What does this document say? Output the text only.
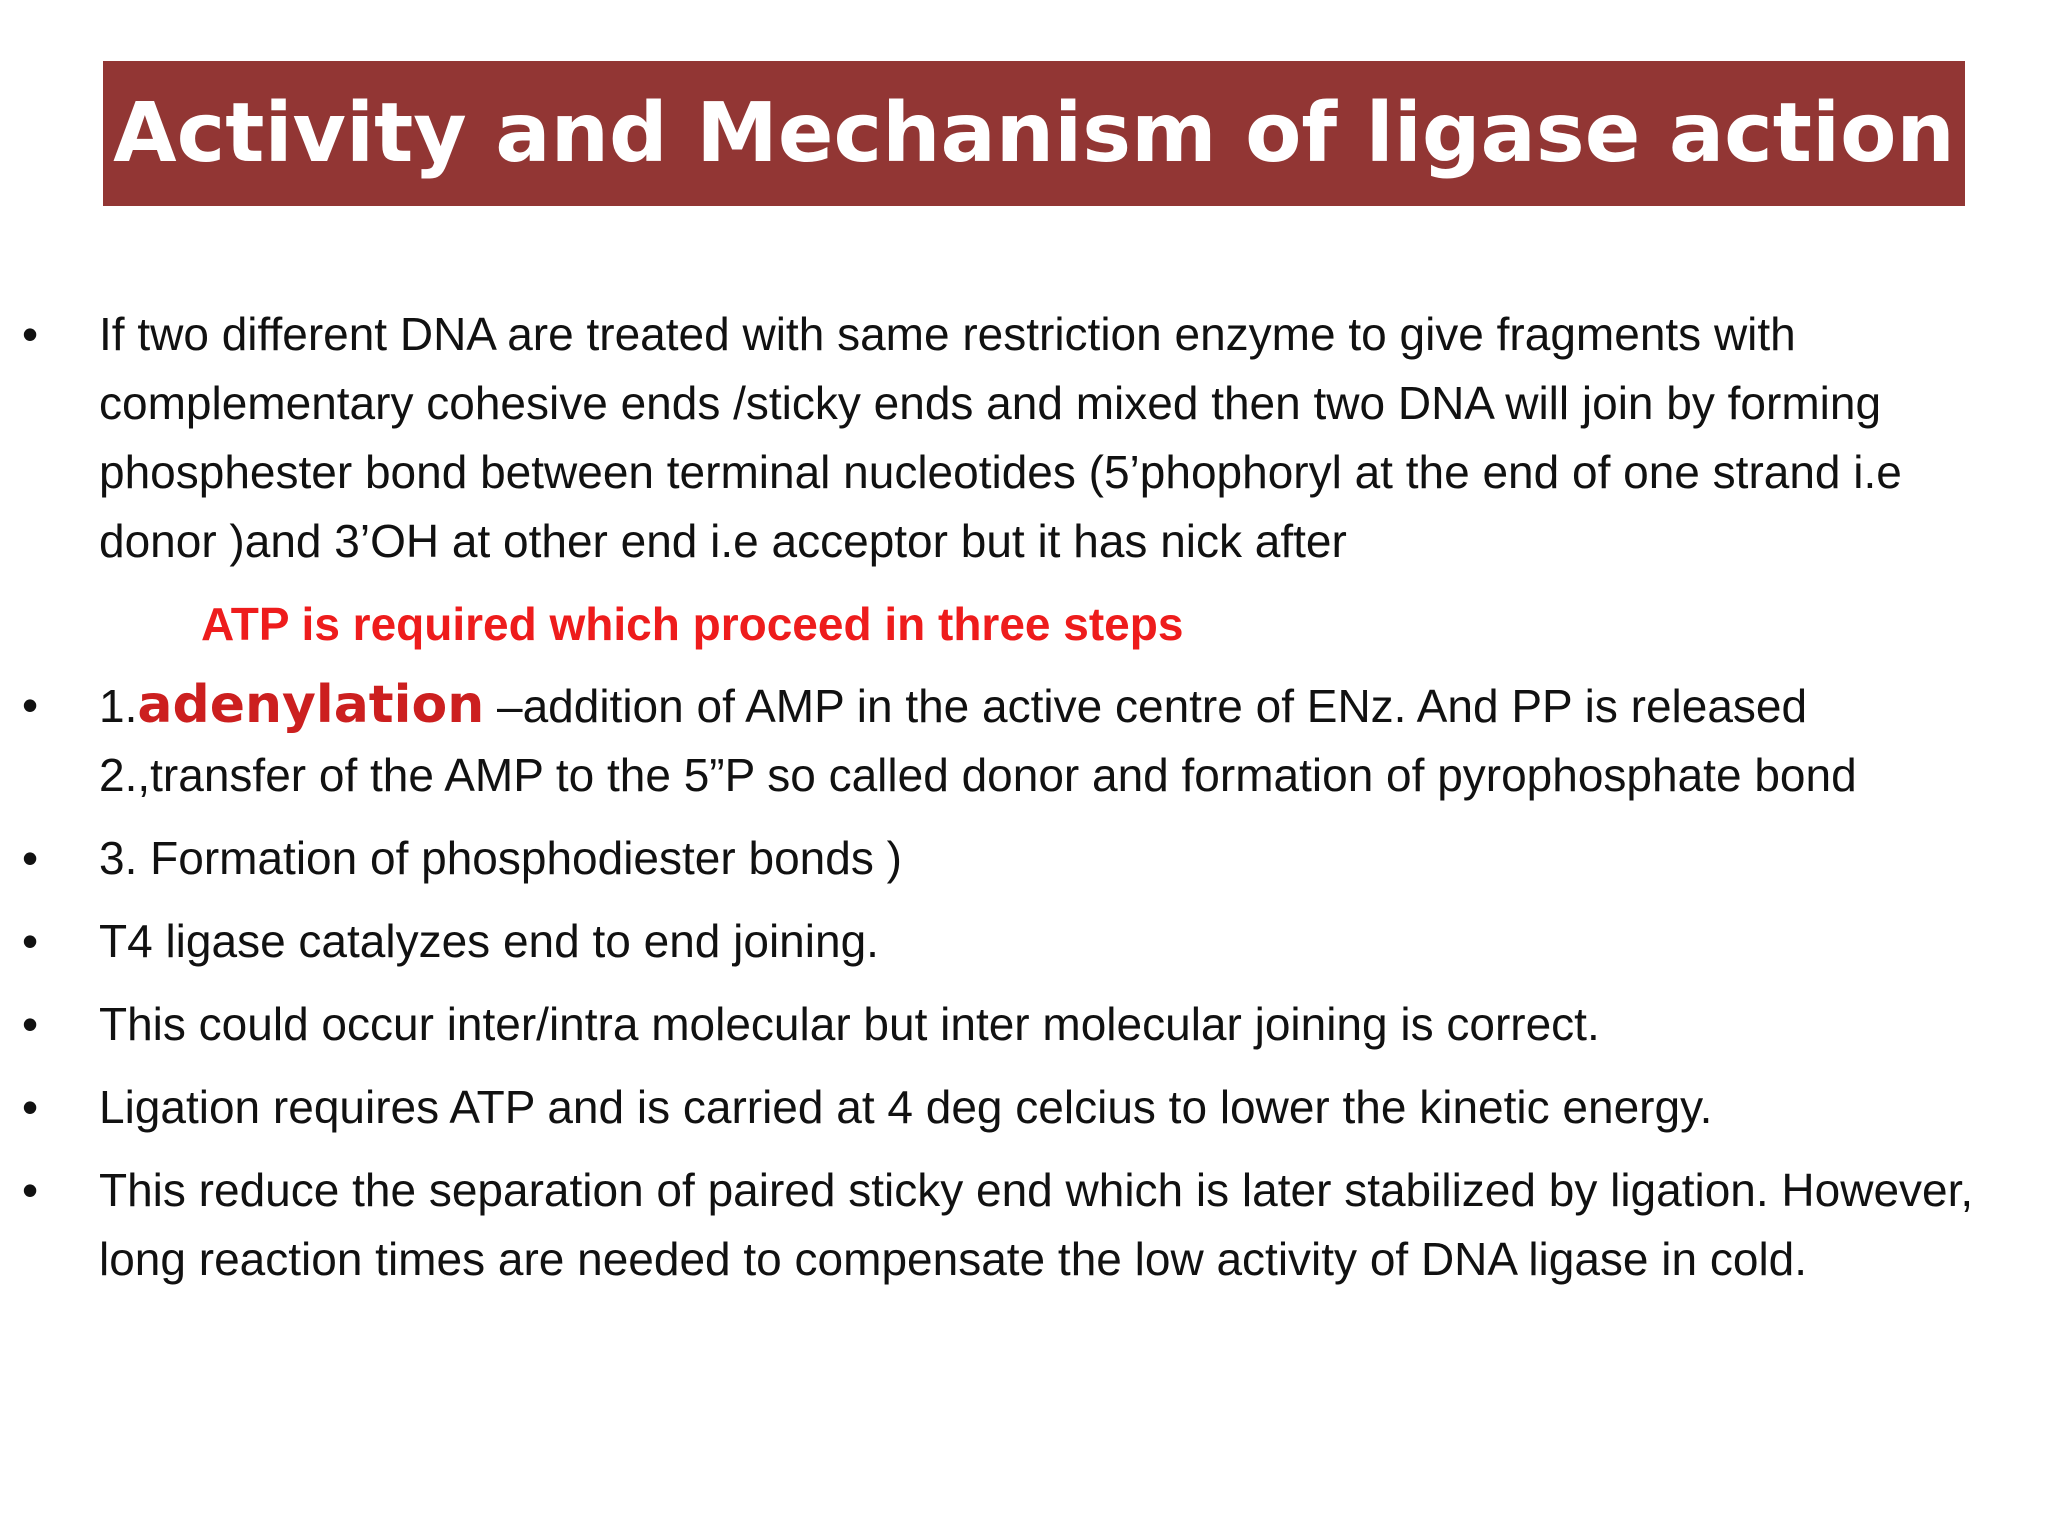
Activity and Mechanism of ligase action
•	If two different DNA are treated with same restriction enzyme to give fragments with complementary cohesive ends /sticky ends and mixed then two DNA will join by forming phosphester bond between terminal nucleotides (5’phophoryl at the end of one strand i.e donor )and 3’OH at other end i.e acceptor but it has nick after
ATP is required which proceed in three steps
•	1.adenylation –addition of AMP in the active centre of ENz. And PP is released
2.,transfer of the AMP to the 5”P so called donor and formation of pyrophosphate bond
•	3. Formation of phosphodiester bonds )
•	T4 ligase catalyzes end to end joining.
•	This could occur inter/intra molecular but inter molecular joining is correct.
•	Ligation requires ATP and is carried at 4 deg celcius to lower the kinetic energy.
•	This reduce the separation of paired sticky end which is later stabilized by ligation. However, long reaction times are needed to compensate the low activity of DNA ligase in cold.
